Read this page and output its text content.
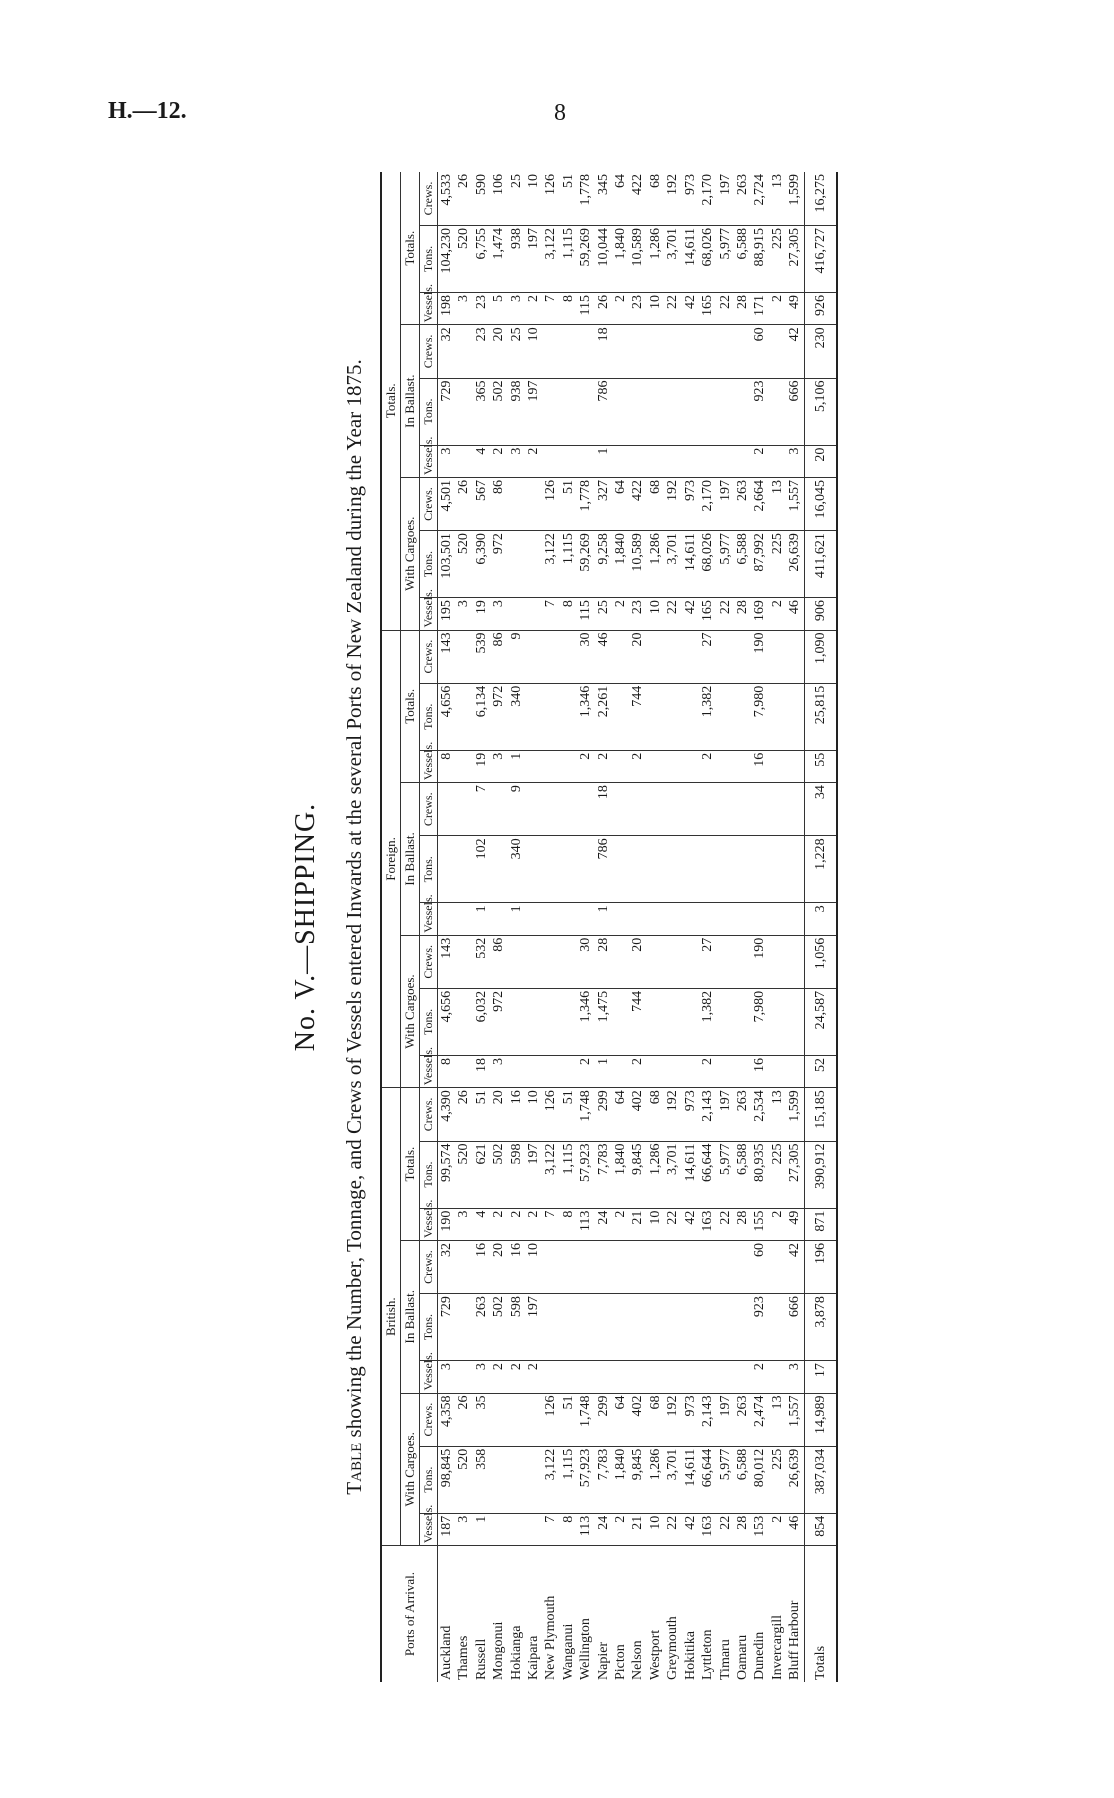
H.—12.	8
No. V.—SHIPPING.
Table showing the Number, Tonnage, and Crews of Vessels entered Inwards at the several Ports of New Zealand during the Year 1875.
Ports of Arrival.	British.									Foreign.									Totals.								
	With Cargoes.			In Ballast.			Totals.			With Cargoes.			In Ballast.			Totals.			With Cargoes.			In Ballast.			Totals.		
	Vessels.	Tons.	Crews.	Vessels.	Tons.	Crews.	Vessels.	Tons.	Crews.	Vessels.	Tons.	Crews.	Vessels.	Tons.	Crews.	Vessels.	Tons.	Crews.	Vessels.	Tons.	Crews.	Vessels.	Tons.	Crews.	Vessels.	Tons.	Crews.
Auckland	187	98,845	4,358	3	729	32	190	99,574	4,390	8	4,656	143				8	4,656	143	195	103,501	4,501	3	729	32	198	104,230	4,533
Thames	3	520	26				3	520	26										3	520	26				3	520	26
Russell	1	358	35	3	263	16	4	621	51	18	6,032	532	1	102	7	19	6,134	539	19	6,390	567	4	365	23	23	6,755	590
Mongonui				2	502	20	2	502	20	3	972	86				3	972	86	3	972	86	2	502	20	5	1,474	106
Hokianga				2	598	16	2	598	16				1	340	9	1	340	9				3	938	25	3	938	25
Kaipara				2	197	10	2	197	10													2	197	10	2	197	10
New Plymouth	7	3,122	126				7	3,122	126										7	3,122	126				7	3,122	126
Wanganui	8	1,115	51				8	1,115	51										8	1,115	51				8	1,115	51
Wellington	113	57,923	1,748				113	57,923	1,748	2	1,346	30				2	1,346	30	115	59,269	1,778				115	59,269	1,778
Napier	24	7,783	299				24	7,783	299	1	1,475	28	1	786	18	2	2,261	46	25	9,258	327	1	786	18	26	10,044	345
Picton	2	1,840	64				2	1,840	64										2	1,840	64				2	1,840	64
Nelson	21	9,845	402				21	9,845	402	2	744	20				2	744	20	23	10,589	422				23	10,589	422
Westport	10	1,286	68				10	1,286	68										10	1,286	68				10	1,286	68
Greymouth	22	3,701	192				22	3,701	192										22	3,701	192				22	3,701	192
Hokitika	42	14,611	973				42	14,611	973										42	14,611	973				42	14,611	973
Lyttleton	163	66,644	2,143				163	66,644	2,143	2	1,382	27				2	1,382	27	165	68,026	2,170				165	68,026	2,170
Timaru	22	5,977	197				22	5,977	197										22	5,977	197				22	5,977	197
Oamaru	28	6,588	263				28	6,588	263										28	6,588	263				28	6,588	263
Dunedin	153	80,012	2,474	2	923	60	155	80,935	2,534	16	7,980	190				16	7,980	190	169	87,992	2,664	2	923	60	171	88,915	2,724
Invercargill	2	225	13				2	225	13										2	225	13				2	225	13
Bluff Harbour	46	26,639	1,557	3	666	42	49	27,305	1,599										46	26,639	1,557	3	666	42	49	27,305	1,599
Totals	854	387,034	14,989	17	3,878	196	871	390,912	15,185	52	24,587	1,056	3	1,228	34	55	25,815	1,090	906	411,621	16,045	20	5,106	230	926	416,727	16,275
